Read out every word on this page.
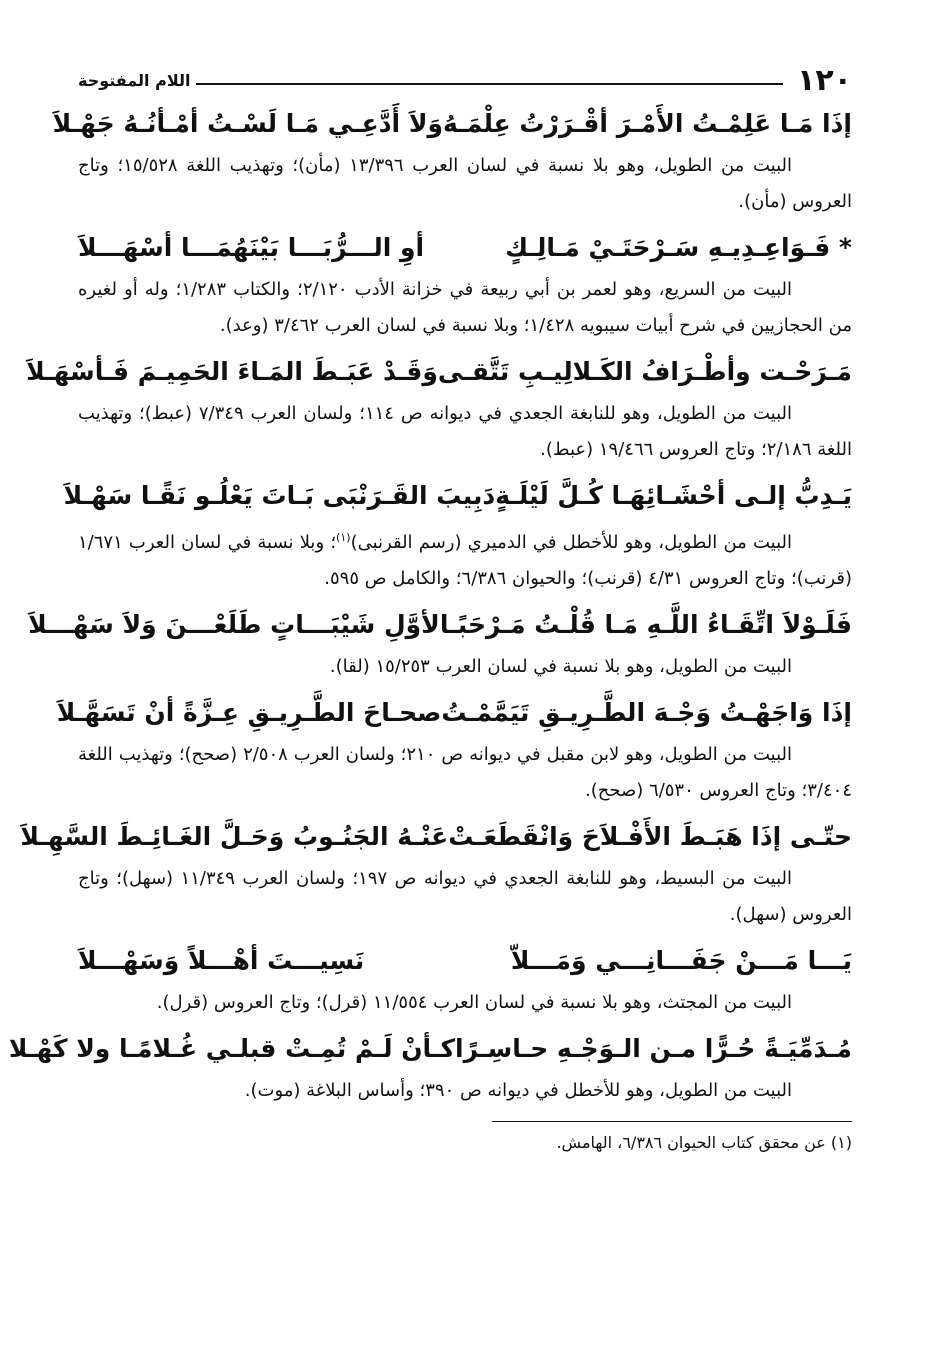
١٢٠
اللام المفتوحة
إذَا مَـا عَلِمْـتُ الأَمْـرَ أقْـرَرْتُ عِلْمَـهُ
وَلاَ أَدَّعِـي مَـا لَسْـتُ أمْـأنُـهُ جَهْـلاَ

البيت من الطويل، وهو بلا نسبة في لسان العرب ١٣/٣٩٦ (مأن)؛ وتهذيب اللغة ١٥/٥٢٨؛ وتاج العروس (مأن).

* فَـوَاعِـدِيـهِ سَـرْحَتَـيْ مَـالِـكٍ
أوِ الـــرُّبَـــا بَيْنَهُمَـــا أسْهَـــلاَ

البيت من السريع، وهو لعمر بن أبي ربيعة في خزانة الأدب ٢/١٢٠؛ والكتاب ١/٢٨٣؛ وله أو لغيره من الحجازيين في شرح أبيات سيبويه ١/٤٢٨؛ وبلا نسبة في لسان العرب ٣/٤٦٢ (وعد).

مَـرَحْـت وأطْـرَافُ الكَـلالِيـبِ تَتَّقـى
وَقَـدْ عَبَـطَ المَـاءَ الحَمِيـمَ فَـأسْهَـلاَ

البيت من الطويل، وهو للنابغة الجعدي في ديوانه ص ١١٤؛ ولسان العرب ٧/٣٤٩ (عبط)؛ وتهذيب اللغة ٢/١٨٦؛ وتاج العروس ١٩/٤٦٦ (عبط).

يَـدِبُّ إلـى أحْشَـائِهَـا كُـلَّ لَيْلَـةٍ
دَبِيبَ القَـرَنْبَى بَـاتَ يَعْلُـو نَقًـا سَهْـلاَ

البيت من الطويل، وهو للأخطل في الدميري (رسم القرنبى)$^{(١)}$؛ وبلا نسبة في لسان العرب ١/٦٧١ (قرنب)؛ وتاج العروس ٤/٣١ (قرنب)؛ والحيوان ٦/٣٨٦؛ والكامل ص ٥٩٥.

فَلَـوْلاَ اتِّقَـاءُ اللَّـهِ مَـا قُلْـتُ مَـرْحَبًـا
لأوَّلِ شَيْبَـــاتٍ طَلَعْـــنَ وَلاَ سَهْـــلاَ

البيت من الطويل، وهو بلا نسبة في لسان العرب ١٥/٢٥٣ (لقا).

إذَا وَاجَهْـتُ وَجْـهَ الطَّـرِيـقِ تَيَمَّمْـتُ
صحـاحَ الطَّـرِيـقِ عِـزَّةً أنْ تَسَهَّـلاَ

البيت من الطويل، وهو لابن مقبل في ديوانه ص ٢١٠؛ ولسان العرب ٢/٥٠٨ (صحح)؛ وتهذيب اللغة ٣/٤٠٤؛ وتاج العروس ٦/٥٣٠ (صحح).

حتّـى إذَا هَبَـطَ الأَفْـلاَحَ وَانْقَطَعَـتْ
عَنْـهُ الجَنُـوبُ وَحَـلَّ الغَـائِـطَ السَّهِـلاَ

البيت من البسيط، وهو للنابغة الجعدي في ديوانه ص ١٩٧؛ ولسان العرب ١١/٣٤٩ (سهل)؛ وتاج العروس (سهل).

يَـــا مَـــنْ جَفَـــانِـــي وَمَـــلاّ
نَسِيـــتَ أهْـــلاً وَسَهْـــلاَ

البيت من المجتث، وهو بلا نسبة في لسان العرب ١١/٥٥٤ (قرل)؛ وتاج العروس (قرل).

مُـدَمِّيَـةً حُـرًّا مـن الـوَجْـهِ حـاسِـرًا
كـأنْ لَـمْ تُمِـتْ قبلـي غُـلامًـا ولا كَهْـلا

البيت من الطويل، وهو للأخطل في ديوانه ص ٣٩٠؛ وأساس البلاغة (موت).

(١) عن محقق كتاب الحيوان ٦/٣٨٦، الهامش.
